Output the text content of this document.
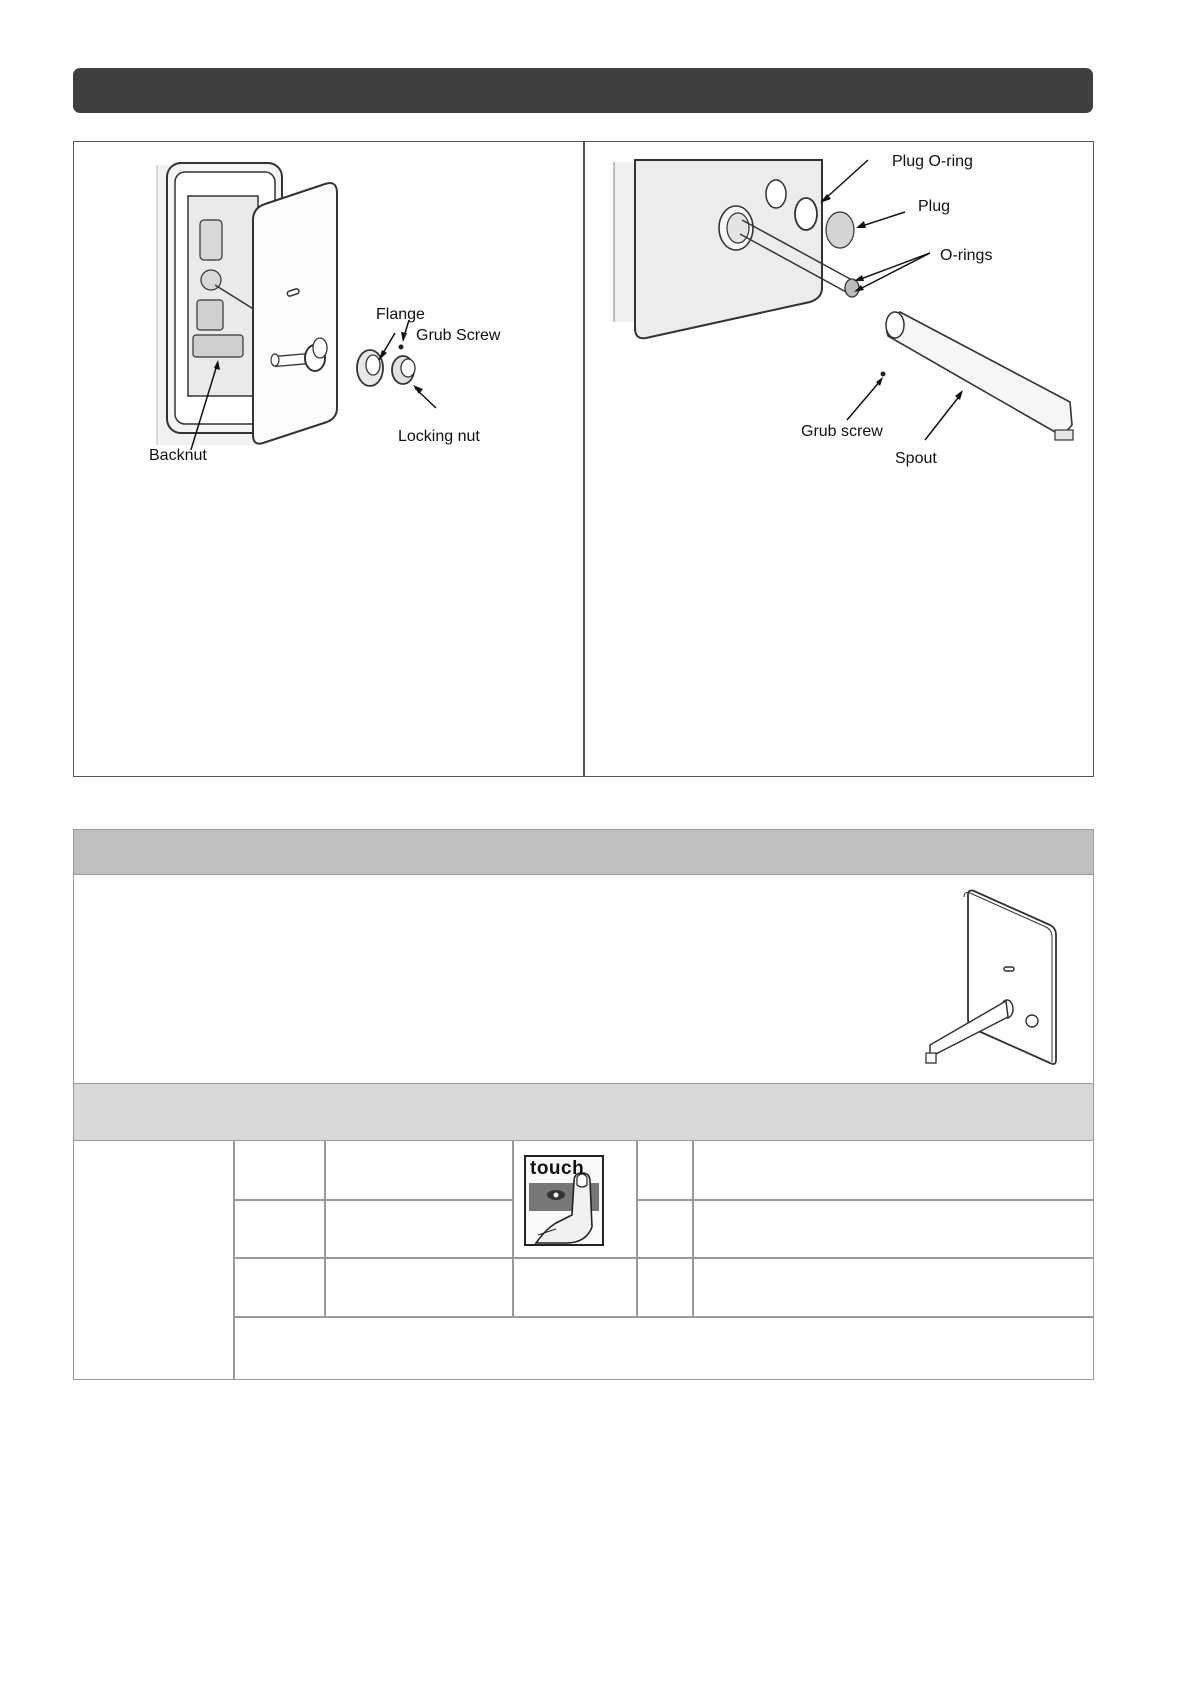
Flange
Grub Screw
Locking nut
Backnut
Plug O-ring
Plug
O-rings
Grub screw
Spout
touch
